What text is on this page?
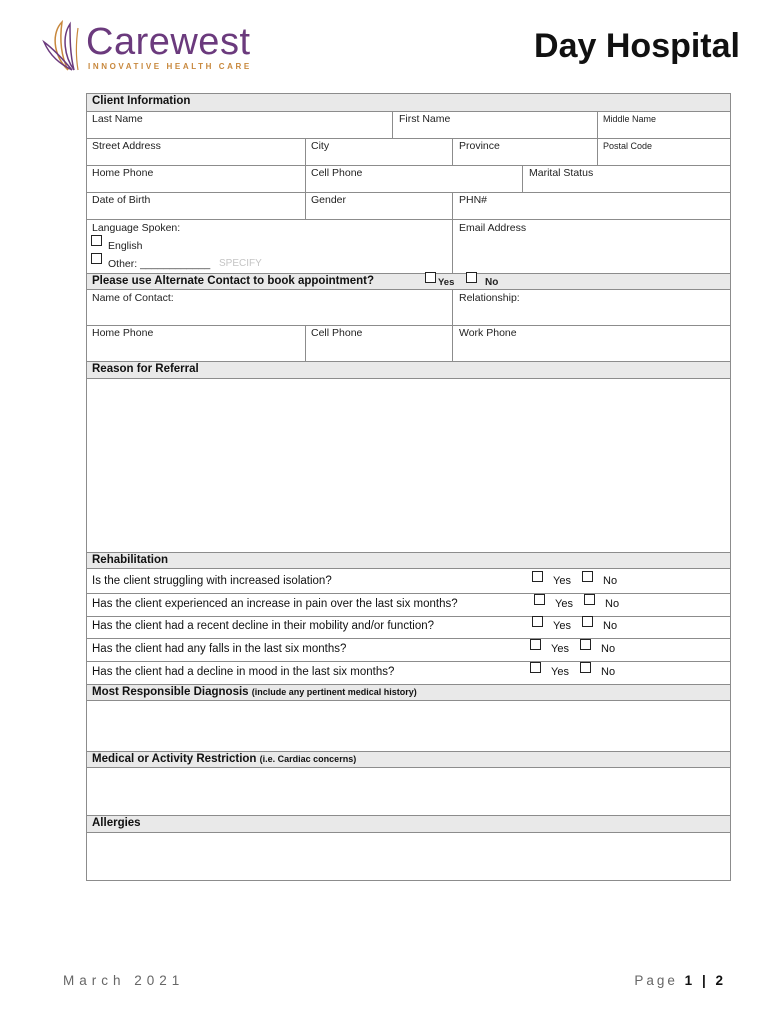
Carewest
INNOVATIVE HEALTH CARE
Day Hospital
Client Information
Last Name	First Name	Middle Name
Street Address	City	Province	Postal Code
Home Phone	Cell Phone	Marital Status
Date of Birth	Gender	PHN#
Language Spoken:
English
Other: ____________ SPECIFY
Email Address
Please use Alternate Contact to book appointment?	Yes	No
Name of Contact:	Relationship:
Home Phone	Cell Phone	Work Phone
Reason for Referral
Rehabilitation
Is the client struggling with increased isolation?	Yes	No
Has the client experienced an increase in pain over the last six months?	Yes	No
Has the client had a recent decline in their mobility and/or function?	Yes	No
Has the client had any falls in the last six months?	Yes	No
Has the client had a decline in mood in the last six months?	Yes	No
Most Responsible Diagnosis (include any pertinent medical history)
Medical or Activity Restriction (i.e. Cardiac concerns)
Allergies
March 2021	Page 1 | 2
